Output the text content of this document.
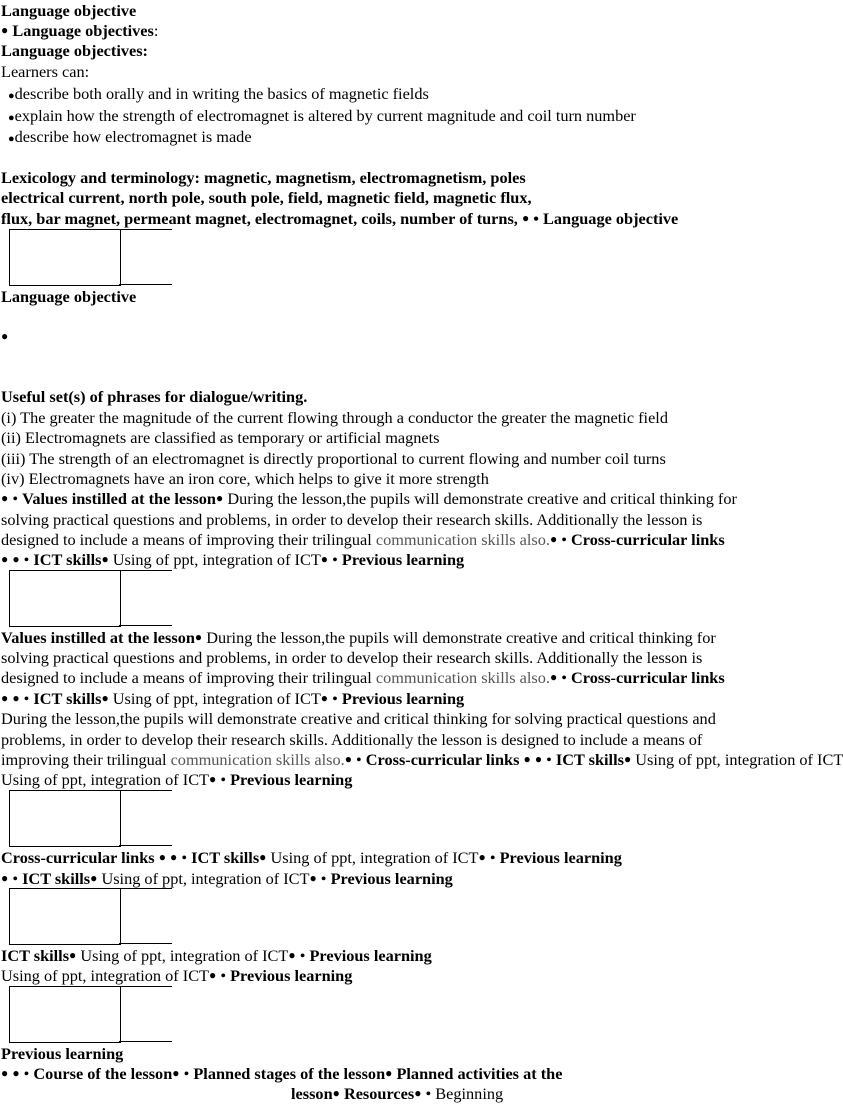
Language objective
● Language objectives:
Language objectives:
Learners can:
●describe both orally and in writing the basics of magnetic fields
●explain how the strength of electromagnet is altered by current magnitude and coil turn number
●describe how electromagnet is made
Lexicology and terminology: magnetic, magnetism, electromagnetism, poles
electrical current, north pole, south pole, field, magnetic field, magnetic flux,
flux, bar magnet, permeant magnet, electromagnet, coils, number of turns, ● • Language objective
Language objective
●
Useful set(s) of phrases for dialogue/writing.
(i) The greater the magnitude of the current flowing through a conductor the greater the magnetic field
(ii) Electromagnets are classified as temporary or artificial magnets
(iii) The strength of an electromagnet is directly proportional to current flowing and number coil turns
(iv) Electromagnets have an iron core, which helps to give it more strength
● • Values instilled at the lesson● During the lesson,the pupils will demonstrate creative and critical thinking for
solving practical questions and problems, in order to develop their research skills. Additionally the lesson is
designed to include a means of improving their trilingual communication skills also.● • Cross-curricular links
● ● • ICT skills● Using of ppt, integration of ICT● • Previous learning
Values instilled at the lesson● During the lesson,the pupils will demonstrate creative and critical thinking for
solving practical questions and problems, in order to develop their research skills. Additionally the lesson is
designed to include a means of improving their trilingual communication skills also.● • Cross-curricular links
● ● • ICT skills● Using of ppt, integration of ICT● • Previous learning
During the lesson,the pupils will demonstrate creative and critical thinking for solving practical questions and
problems, in order to develop their research skills. Additionally the lesson is designed to include a means of
improving their trilingual communication skills also.● • Cross-curricular links ● ● • ICT skills● Using of ppt, integration of ICT
Using of ppt, integration of ICT● • Previous learning
Cross-curricular links ● ● • ICT skills● Using of ppt, integration of ICT● • Previous learning
● • ICT skills● Using of ppt, integration of ICT● • Previous learning
ICT skills● Using of ppt, integration of ICT● • Previous learning
Using of ppt, integration of ICT● • Previous learning
Previous learning
● ● • Course of the lesson● • Planned stages of the lesson● Planned activities at the
lesson● Resources● • Beginning
